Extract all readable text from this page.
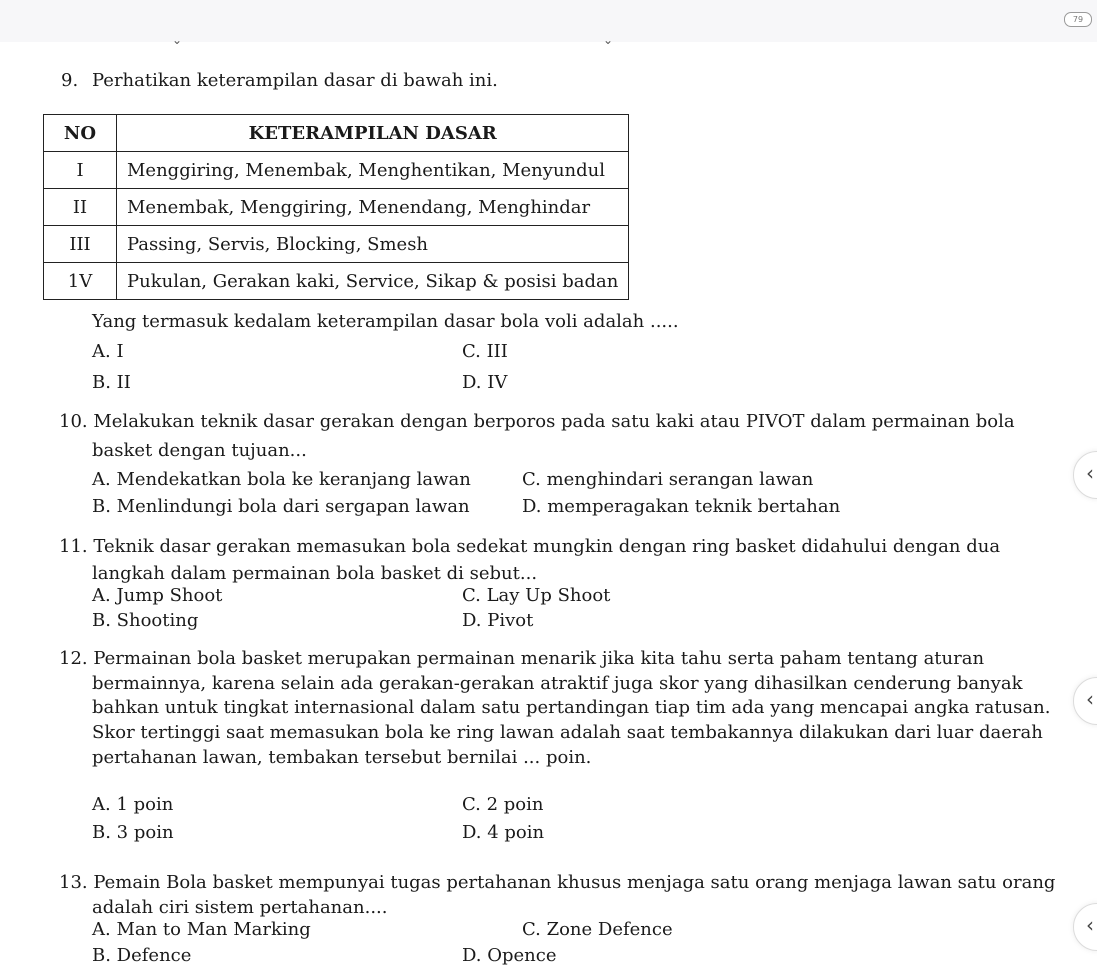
79
⌄	⌄
9. Perhatikan keterampilan dasar di bawah ini.
NO	KETERAMPILAN DASAR
I	Menggiring, Menembak, Menghentikan, Menyundul
II	Menembak, Menggiring, Menendang, Menghindar
III	Passing, Servis, Blocking, Smesh
1V	Pukulan, Gerakan kaki, Service, Sikap & posisi badan
Yang termasuk kedalam keterampilan dasar bola voli adalah .....
A. I	C. III
B. II	D. IV
10. Melakukan teknik dasar gerakan dengan berporos pada satu kaki atau PIVOT dalam permainan bola
basket dengan tujuan...
A. Mendekatkan bola ke keranjang lawan	C. menghindari serangan lawan
B. Menlindungi bola dari sergapan lawan	D. memperagakan teknik bertahan
11. Teknik dasar gerakan memasukan bola sedekat mungkin dengan ring basket didahului dengan dua
langkah dalam permainan bola basket di sebut...
A. Jump Shoot	C. Lay Up Shoot
B. Shooting	D. Pivot
12. Permainan bola basket merupakan permainan menarik jika kita tahu serta paham tentang aturan
bermainnya, karena selain ada gerakan-gerakan atraktif juga skor yang dihasilkan cenderung banyak
bahkan untuk tingkat internasional dalam satu pertandingan tiap tim ada yang mencapai angka ratusan.
Skor tertinggi saat memasukan bola ke ring lawan adalah saat tembakannya dilakukan dari luar daerah
pertahanan lawan, tembakan tersebut bernilai ... poin.
A. 1 poin	C. 2 poin
B. 3 poin	D. 4 poin
13. Pemain Bola basket mempunyai tugas pertahanan khusus menjaga satu orang menjaga lawan satu orang
adalah ciri sistem pertahanan....
A. Man to Man Marking	C. Zone Defence
B. Defence	D. Opence
‹
‹
‹
